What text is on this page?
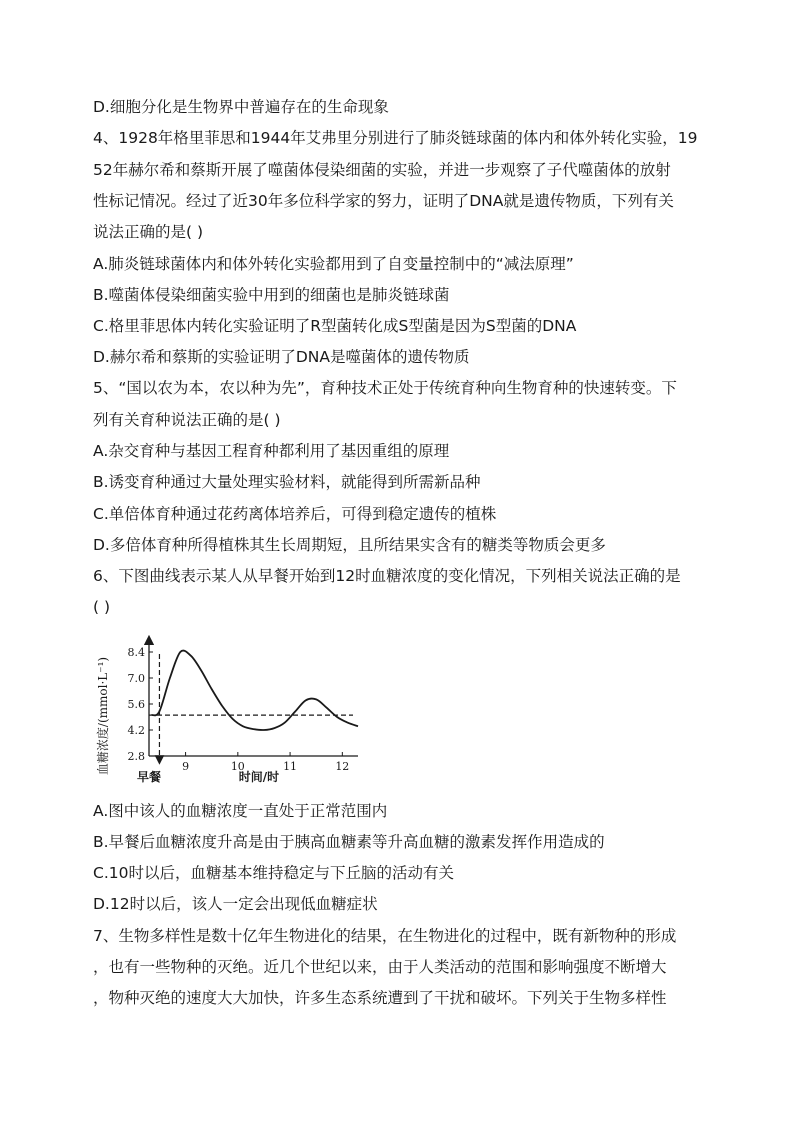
D.细胞分化是生物界中普遍存在的生命现象
4、1928年格里菲思和1944年艾弗里分别进行了肺炎链球菌的体内和体外转化实验，19
52年赫尔希和蔡斯开展了噬菌体侵染细菌的实验，并进一步观察了子代噬菌体的放射
性标记情况。经过了近30年多位科学家的努力，证明了DNA就是遗传物质，下列有关
说法正确的是( )
A.肺炎链球菌体内和体外转化实验都用到了自变量控制中的“减法原理”
B.噬菌体侵染细菌实验中用到的细菌也是肺炎链球菌
C.格里菲思体内转化实验证明了R型菌转化成S型菌是因为S型菌的DNA
D.赫尔希和蔡斯的实验证明了DNA是噬菌体的遗传物质
5、“国以农为本，农以种为先”，育种技术正处于传统育种向生物育种的快速转变。下
列有关育种说法正确的是( )
A.杂交育种与基因工程育种都利用了基因重组的原理
B.诱变育种通过大量处理实验材料，就能得到所需新品种
C.单倍体育种通过花药离体培养后，可得到稳定遗传的植株
D.多倍体育种所得植株其生长周期短，且所结果实含有的糖类等物质会更多
6、下图曲线表示某人从早餐开始到12时血糖浓度的变化情况，下列相关说法正确的是
( )
8.4
7.0
5.6
4.2
2.8
9	10	11	12
血糖浓度/(mmol·L⁻¹)
时间/时
早餐
A.图中该人的血糖浓度一直处于正常范围内
B.早餐后血糖浓度升高是由于胰高血糖素等升高血糖的激素发挥作用造成的
C.10时以后，血糖基本维持稳定与下丘脑的活动有关
D.12时以后，该人一定会出现低血糖症状
7、生物多样性是数十亿年生物进化的结果，在生物进化的过程中，既有新物种的形成
，也有一些物种的灭绝。近几个世纪以来，由于人类活动的范围和影响强度不断增大
，物种灭绝的速度大大加快，许多生态系统遭到了干扰和破坏。下列关于生物多样性
